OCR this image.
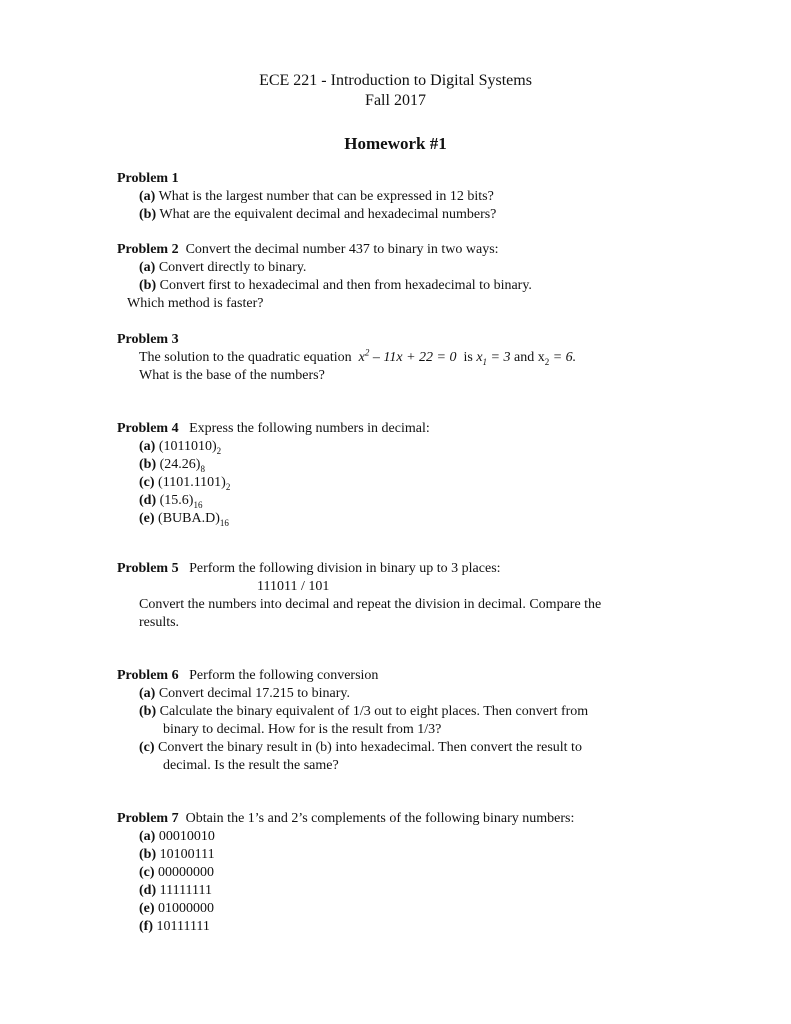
ECE 221 - Introduction to Digital Systems
Fall 2017
Homework #1
Problem 1
(a) What is the largest number that can be expressed in 12 bits?
(b) What are the equivalent decimal and hexadecimal numbers?
Problem 2 Convert the decimal number 437 to binary in two ways:
(a) Convert directly to binary.
(b) Convert first to hexadecimal and then from hexadecimal to binary.
Which method is faster?
Problem 3
The solution to the quadratic equation $x^2 - 11x + 22 = 0$ is $x_1 = 3$ and $x_2 = 6$.
What is the base of the numbers?
Problem 4 Express the following numbers in decimal:
(a) $(1011010)_2$
(b) $(24.26)_8$
(c) $(1101.1101)_2$
(d) $(15.6)_{16}$
(e) $(BUBA.D)_{16}$
Problem 5 Perform the following division in binary up to 3 places:
111011 / 101
Convert the numbers into decimal and repeat the division in decimal. Compare the
results.
Problem 6 Perform the following conversion
(a) Convert decimal 17.215 to binary.
(b) Calculate the binary equivalent of 1/3 out to eight places. Then convert from
binary to decimal. How for is the result from 1/3?
(c) Convert the binary result in (b) into hexadecimal. Then convert the result to
decimal. Is the result the same?
Problem 7 Obtain the 1’s and 2’s complements of the following binary numbers:
(a) 00010010
(b) 10100111
(c) 00000000
(d) 11111111
(e) 01000000
(f) 10111111
